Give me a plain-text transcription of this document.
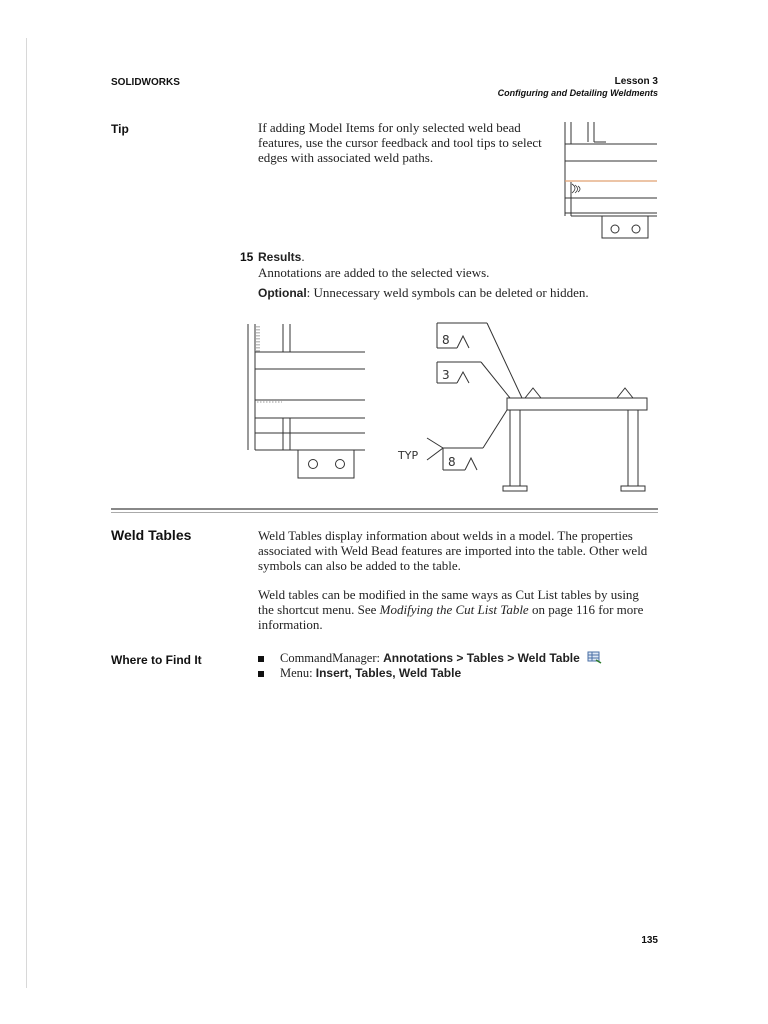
SOLIDWORKS	Lesson 3
Configuring and Detailing Weldments
Tip	If adding Model Items for only selected weld bead features, use the cursor feedback and tool tips to select edges with associated weld paths.
15 Results.
Annotations are added to the selected views.
Optional: Unnecessary weld symbols can be deleted or hidden.
8
3
TYP 8
Weld Tables	Weld Tables display information about welds in a model. The properties associated with Weld Bead features are imported into the table. Other weld symbols can also be added to the table.
Weld tables can be modified in the same ways as Cut List tables by using the shortcut menu. See Modifying the Cut List Table on page 116 for more information.
Where to Find It	CommandManager: Annotations > Tables > Weld Table
Menu: Insert, Tables, Weld Table
135
